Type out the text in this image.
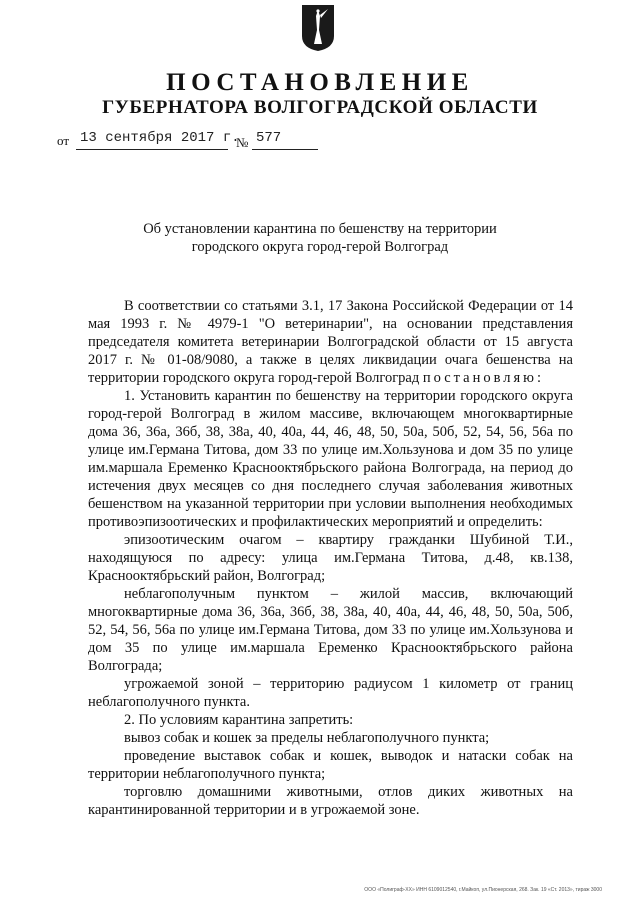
ПОСТАНОВЛЕНИЕ
ГУБЕРНАТОРА ВОЛГОГРАДСКОЙ ОБЛАСТИ
от 13 сентября 2017 г.
№ 577
Об установлении карантина по бешенству на территории
городского округа город-герой Волгоград

В соответствии со статьями 3.1, 17 Закона Российской Федерации от 14 мая 1993 г. № 4979-1 "О ветеринарии", на основании представления председателя комитета ветеринарии Волгоградской области от 15 августа 2017 г. № 01-08/9080, а также в целях ликвидации очага бешенства на территории городского округа город-герой Волгоград постановляю:

1. Установить карантин по бешенству на территории городского округа город-герой Волгоград в жилом массиве, включающем многоквартирные дома 36, 36а, 36б, 38, 38а, 40, 40а, 44, 46, 48, 50, 50а, 50б, 52, 54, 56, 56а по улице им.Германа Титова, дом 33 по улице им.Хользунова и дом 35 по улице им.маршала Еременко Краснооктябрьского района Волгограда, на период до истечения двух месяцев со дня последнего случая заболевания животных бешенством на указанной территории при условии выполнения необходимых противоэпизоотических и профилактических мероприятий и определить:

эпизоотическим очагом – квартиру гражданки Шубиной Т.И., находящуюся по адресу: улица им.Германа Титова, д.48, кв.138, Краснооктябрьский район, Волгоград;

неблагополучным пунктом – жилой массив, включающий многоквартирные дома 36, 36а, 36б, 38, 38а, 40, 40а, 44, 46, 48, 50, 50а, 50б, 52, 54, 56, 56а по улице им.Германа Титова, дом 33 по улице им.Хользунова и дом 35 по улице им.маршала Еременко Краснооктябрьского района Волгограда;

угрожаемой зоной – территорию радиусом 1 километр от границ неблагополучного пункта.

2. По условиям карантина запретить:

вывоз собак и кошек за пределы неблагополучного пункта;

проведение выставок собак и кошек, выводок и натаски собак на территории неблагополучного пункта;

торговлю домашними животными, отлов диких животных на карантинированной территории и в угрожаемой зоне.

ООО «Полиграф-ХХ» ИНН 6109012540, г.Майкоп, ул.Пионерская, 268. Зак. 19 «Ст. 2013», тираж 3000
